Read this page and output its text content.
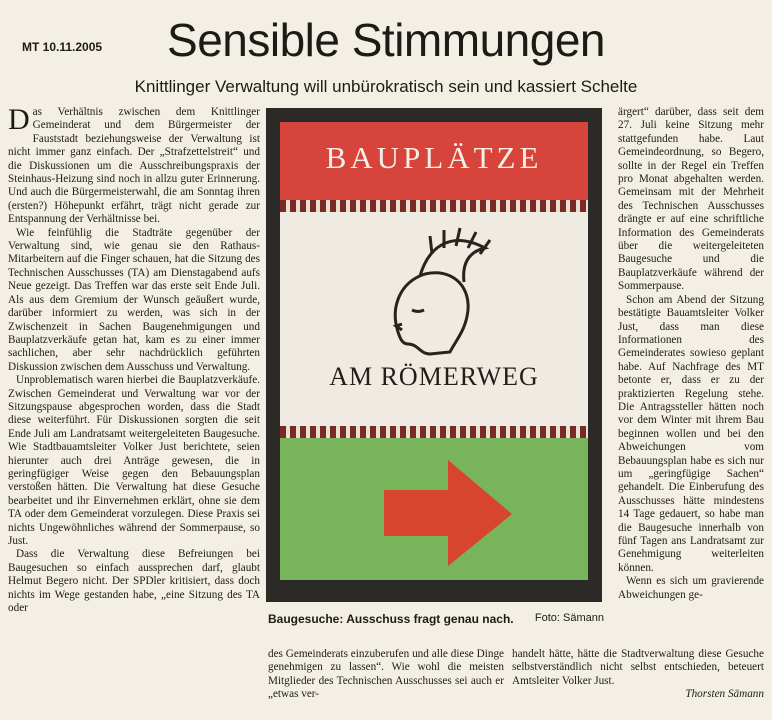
MT 10.11.2005	Sensible Stimmungen
Knittlinger Verwaltung will unbürokratisch sein und kassiert Schelte

Das Verhältnis zwischen dem Knittlinger Gemeinderat und dem Bürgermeister der Fauststadt beziehungsweise der Verwaltung ist nicht immer ganz einfach. Der „Strafzettelstreit“ und die Diskussionen um die Ausschreibungspraxis der Steinhaus-Heizung sind noch in allzu guter Erinnerung. Und auch die Bürgermeisterwahl, die am Sonntag ihren (ersten?) Höhepunkt erfährt, trägt nicht gerade zur Entspannung der Verhältnisse bei.

Wie feinfühlig die Stadträte gegenüber der Verwaltung sind, wie genau sie den Rathaus-Mitarbeitern auf die Finger schauen, hat die Sitzung des Technischen Ausschusses (TA) am Dienstagabend aufs Neue gezeigt. Das Treffen war das erste seit Ende Juli. Als aus dem Gremium der Wunsch geäußert wurde, darüber informiert zu werden, was sich in der Zwischenzeit in Sachen Baugenehmigungen und Bauplatzverkäufe getan hat, kam es zu einer immer sachlichen, aber sehr nachdrücklich geführten Diskussion zwischen dem Ausschuss und Verwaltung.

Unproblematisch waren hierbei die Bauplatzverkäufe. Zwischen Gemeinderat und Verwaltung war vor der Sitzungspause abgesprochen worden, dass die Stadt diese weiterführt. Für Diskussionen sorgten die seit Ende Juli am Landratsamt weitergeleiteten Baugesuche. Wie Stadtbauamtsleiter Volker Just berichtete, seien hierunter auch drei Anträge gewesen, die in geringfügiger Weise gegen den Bebauungsplan verstoßen hätten. Die Verwaltung hat diese Gesuche bearbeitet und ihr Einvernehmen erklärt, ohne sie dem TA oder dem Gemeinderat vorzulegen. Diese Praxis sei nichts Ungewöhnliches während der Sommerpause, so Just.

Dass die Verwaltung diese Befreiungen bei Baugesuchen so einfach aussprechen darf, glaubt Helmut Begero nicht. Der SPDler kritisiert, dass doch nichts im Wege gestanden habe, „eine Sitzung des TA oder

BAUPLÄTZE
AM RÖMERWEG
Baugesuche: Ausschuss fragt genau nach. Foto: Sämann

ärgert“ darüber, dass seit dem 27. Juli keine Sitzung mehr stattgefunden habe. Laut Gemeindeordnung, so Begero, sollte in der Regel ein Treffen pro Monat abgehalten werden. Gemeinsam mit der Mehrheit des Technischen Ausschusses drängte er auf eine schriftliche Information des Gemeinderats über die weitergeleiteten Baugesuche und die Bauplatzverkäufe während der Sommerpause.

Schon am Abend der Sitzung bestätigte Bauamtsleiter Volker Just, dass man diese Informationen des Gemeinderates sowieso geplant habe. Auf Nachfrage des MT betonte er, dass er zu der praktizierten Regelung stehe. Die Antragssteller hätten noch vor dem Winter mit ihrem Bau beginnen wollen und bei den Abweichungen vom Bebauungsplan habe es sich nur um „geringfügige Sachen“ gehandelt. Die Einberufung des Ausschusses hätte mindestens 14 Tage gedauert, so habe man die Baugesuche innerhalb von fünf Tagen ans Landratsamt zur Genehmigung weiterleiten können.

Wenn es sich um gravierende Abweichungen ge-

des Gemeinderats einzuberufen und alle diese Dinge genehmigen zu lassen“. Wie wohl die meisten Mitglieder des Technischen Ausschusses sei auch er „etwas ver-

handelt hätte, hätte die Stadtverwaltung diese Gesuche selbstverständlich nicht selbst entschieden, beteuert Amtsleiter Volker Just.

Thorsten Sämann
